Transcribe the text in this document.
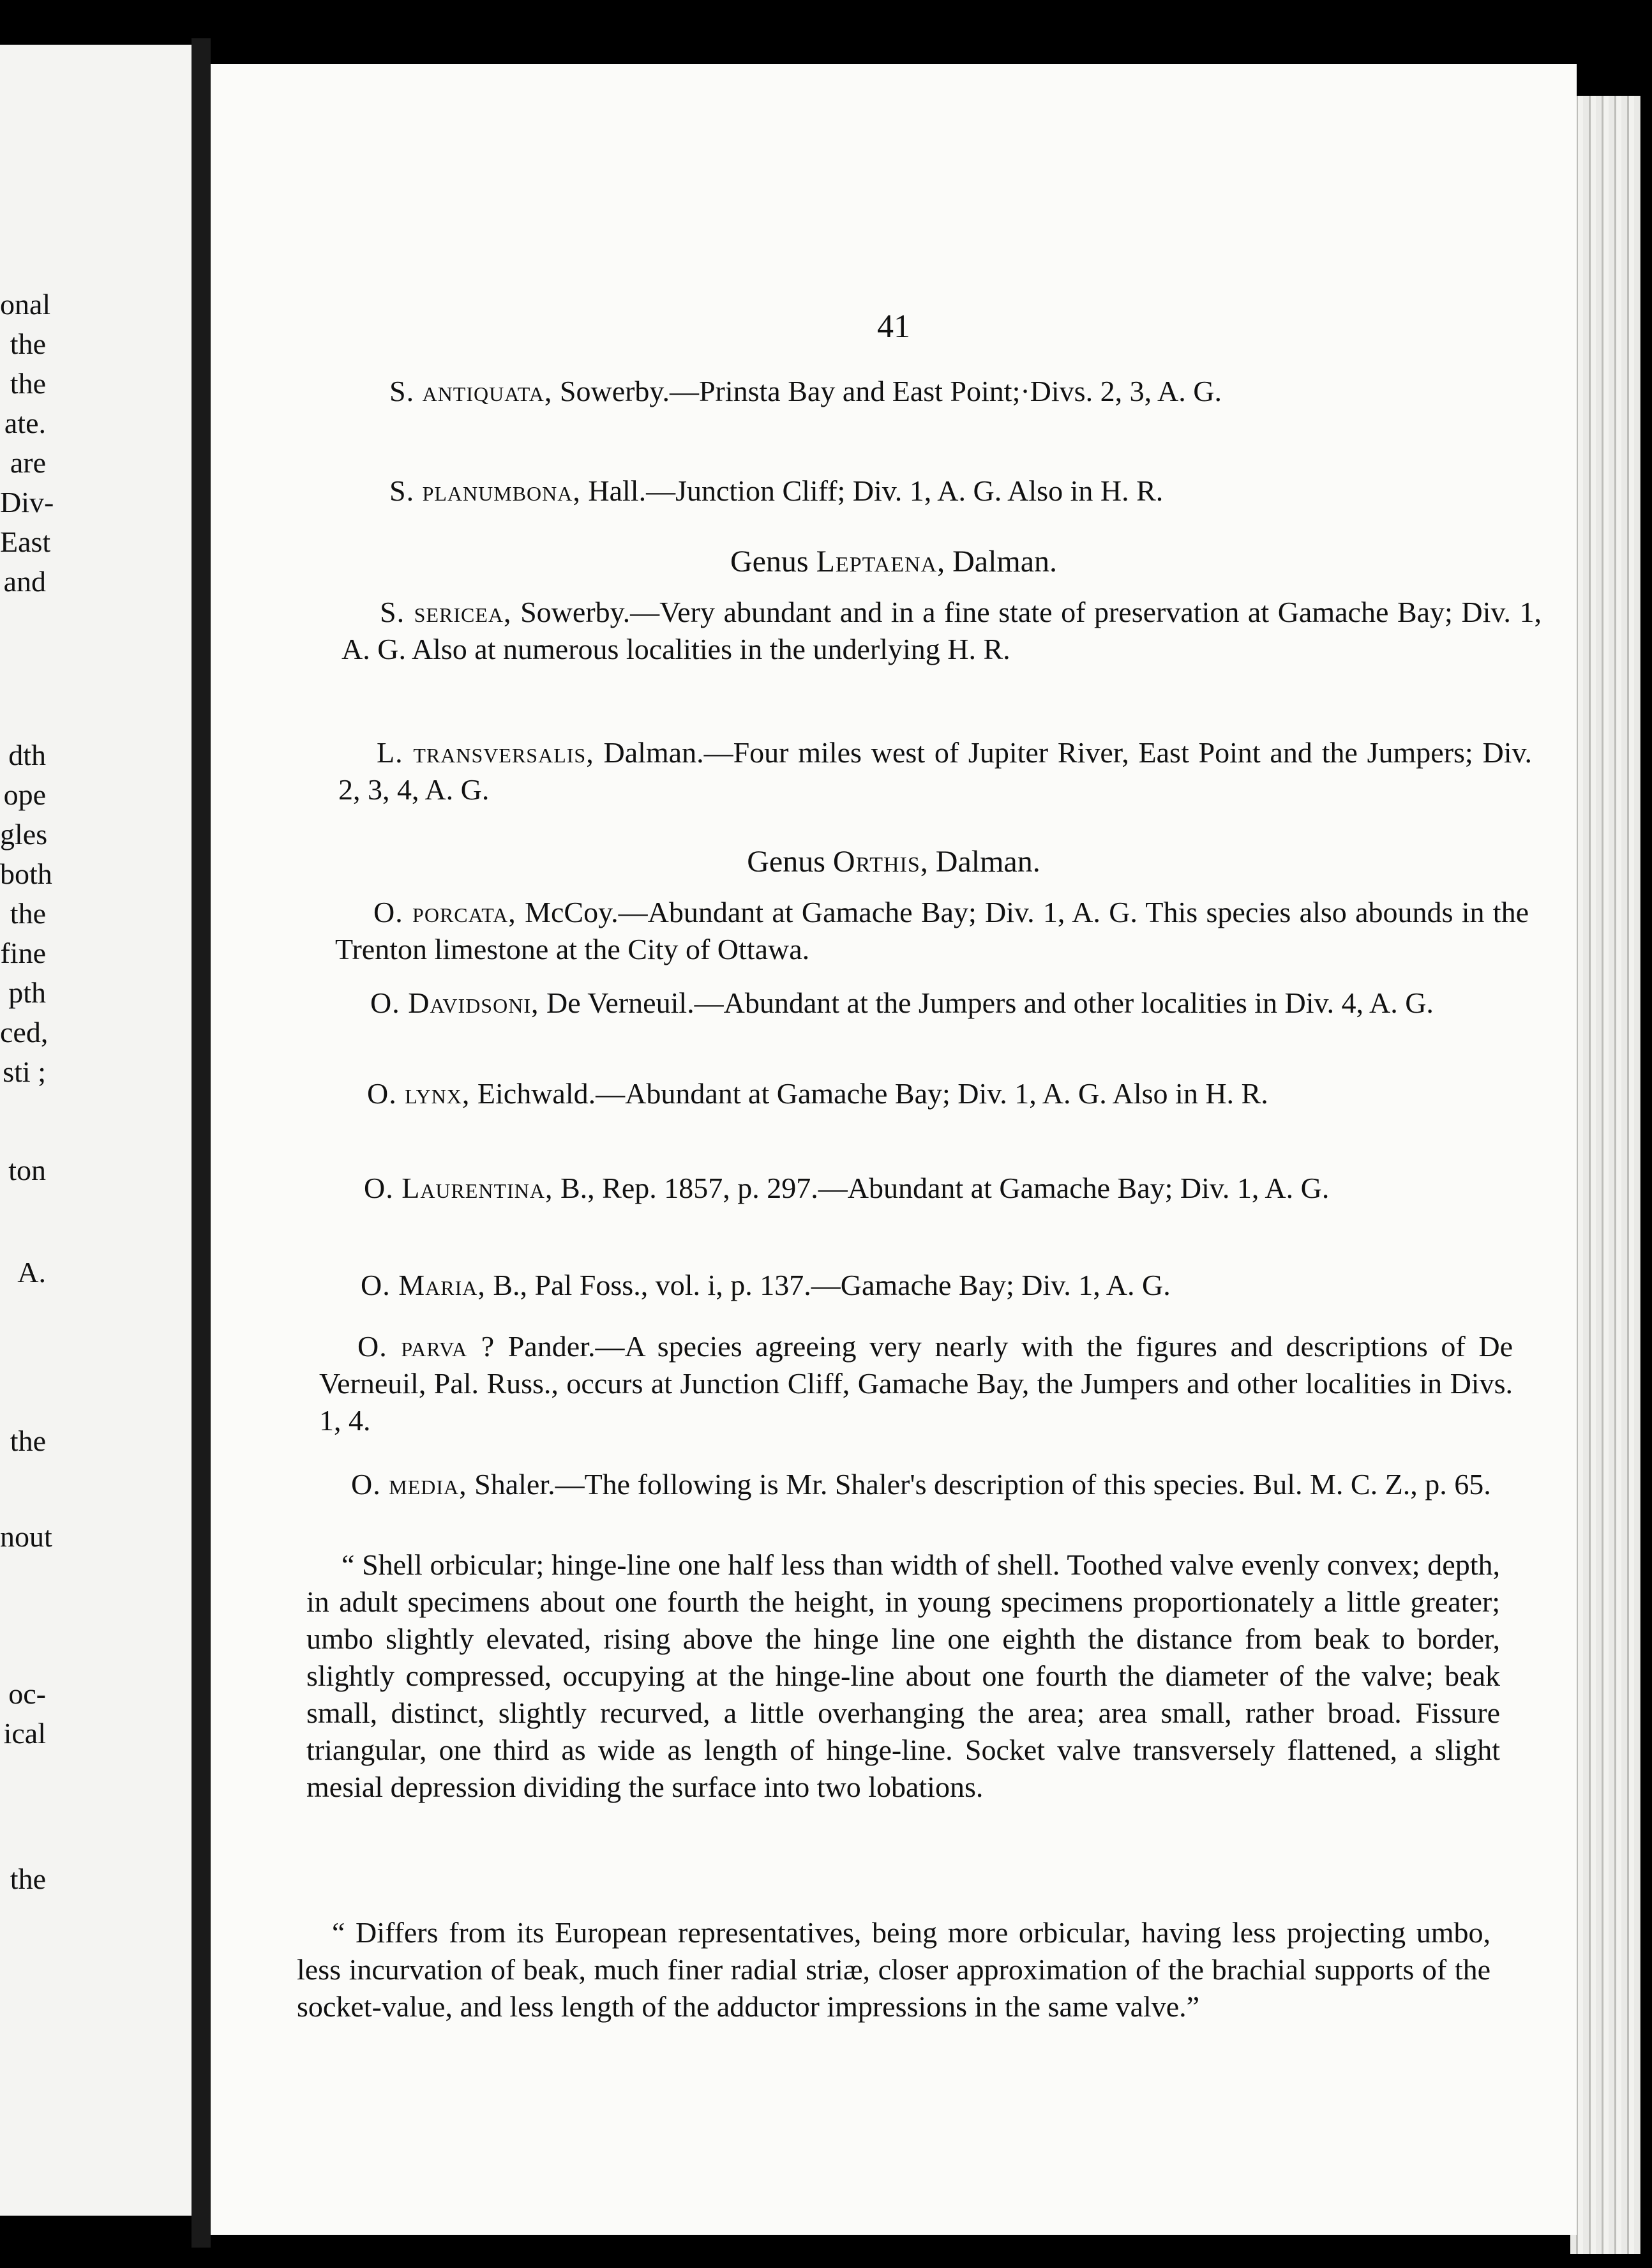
onal
the
the
ate.
are
Div-
East
and
dth
ope
gles
both
the
fine
pth
ced,
sti ;
ton
A.
the
nout
oc-
ical
the
41

S. antiquata, Sowerby.—Prinsta Bay and East Point;·Divs. 2, 3, A. G.

S. planumbona, Hall.—Junction Cliff; Div. 1, A. G. Also in H. R.

Genus Leptaena, Dalman.

S. sericea, Sowerby.—Very abundant and in a fine state of preservation at Gamache Bay; Div. 1, A. G. Also at numerous localities in the underlying H. R.

L. transversalis, Dalman.—Four miles west of Jupiter River, East Point and the Jumpers; Div. 2, 3, 4, A. G.

Genus Orthis, Dalman.

O. porcata, McCoy.—Abundant at Gamache Bay; Div. 1, A. G. This species also abounds in the Trenton limestone at the City of Ottawa.

O. Davidsoni, De Verneuil.—Abundant at the Jumpers and other localities in Div. 4, A. G.

O. lynx, Eichwald.—Abundant at Gamache Bay; Div. 1, A. G. Also in H. R.

O. Laurentina, B., Rep. 1857, p. 297.—Abundant at Gamache Bay; Div. 1, A. G.

O. Maria, B., Pal Foss., vol. i, p. 137.—Gamache Bay; Div. 1, A. G.

O. parva ? Pander.—A species agreeing very nearly with the figures and descriptions of De Verneuil, Pal. Russ., occurs at Junction Cliff, Gamache Bay, the Jumpers and other localities in Divs. 1, 4.

O. media, Shaler.—The following is Mr. Shaler's description of this species. Bul. M. C. Z., p. 65.

“ Shell orbicular; hinge-line one half less than width of shell. Toothed valve evenly convex; depth, in adult specimens about one fourth the height, in young specimens proportionately a little greater; umbo slightly elevated, rising above the hinge line one eighth the distance from beak to border, slightly compressed, occupying at the hinge-line about one fourth the diameter of the valve; beak small, distinct, slightly recurved, a little overhanging the area; area small, rather broad. Fissure triangular, one third as wide as length of hinge-line. Socket valve transversely flattened, a slight mesial depression dividing the surface into two lobations.

“ Differs from its European representatives, being more orbicular, having less projecting umbo, less incurvation of beak, much finer radial striæ, closer approximation of the brachial supports of the socket-value, and less length of the adductor impressions in the same valve.”
